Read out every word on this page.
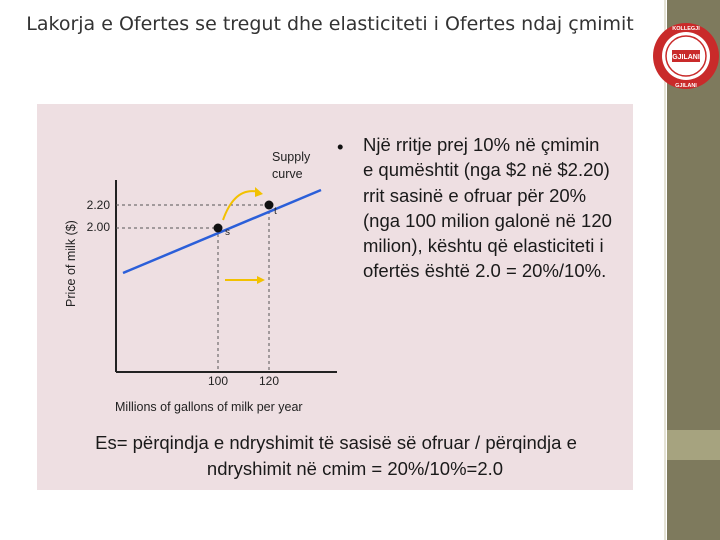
GJILANI
KOLLEGJI
GJILANI
Lakorja e Ofertes se tregut dhe elasticiteti i Ofertes ndaj çmimit
s
t
2.20
2.00
100	120
Price of milk ($)
Millions of gallons of milk per year
Supply
curve
•	Një rritje prej 10% në çmimin e qumështit (nga $2 në $2.20) rrit sasinë e ofruar për 20% (nga 100 milion galonë në 120 milion), kështu që elasticiteti i ofertës është 2.0 = 20%/10%.
Es= përqindja e ndryshimit të sasisë së ofruar / përqindja e
ndryshimit në cmim = 20%/10%=2.0
